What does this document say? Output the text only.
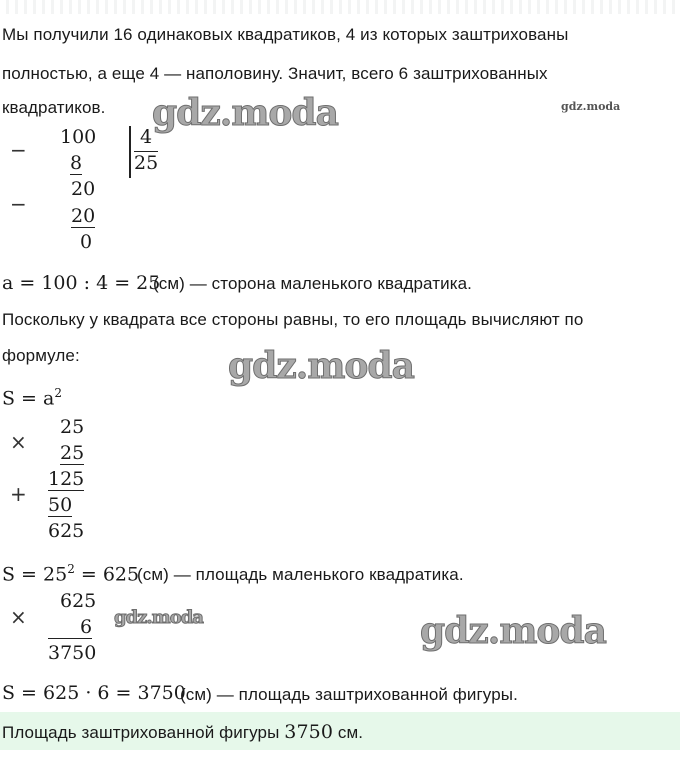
Мы получили 16 одинаковых квадратиков, 4 из которых заштрихованы
полностью, а еще 4 — наполовину. Значит, всего 6 заштрихованных
квадратиков.	gdz.moda
gdz.moda
−
100
8
4
25
20
− 20
0
a = 100 : 4 = 25
(см) — сторона маленького квадратика.
Поскольку у квадрата все стороны равны, то его площадь вычисляют по
формуле:	gdz.moda
$S = a^2$
×
25
25
125
+ 50
625
$S = 25^2 = 625$
(см) — площадь маленького квадратика.
×
625
6
3750
gdz.moda	gdz.moda
S = 625 · 6 = 3750
(см) — площадь заштрихованной фигуры.
Площадь заштрихованной фигуры 3750 см.
